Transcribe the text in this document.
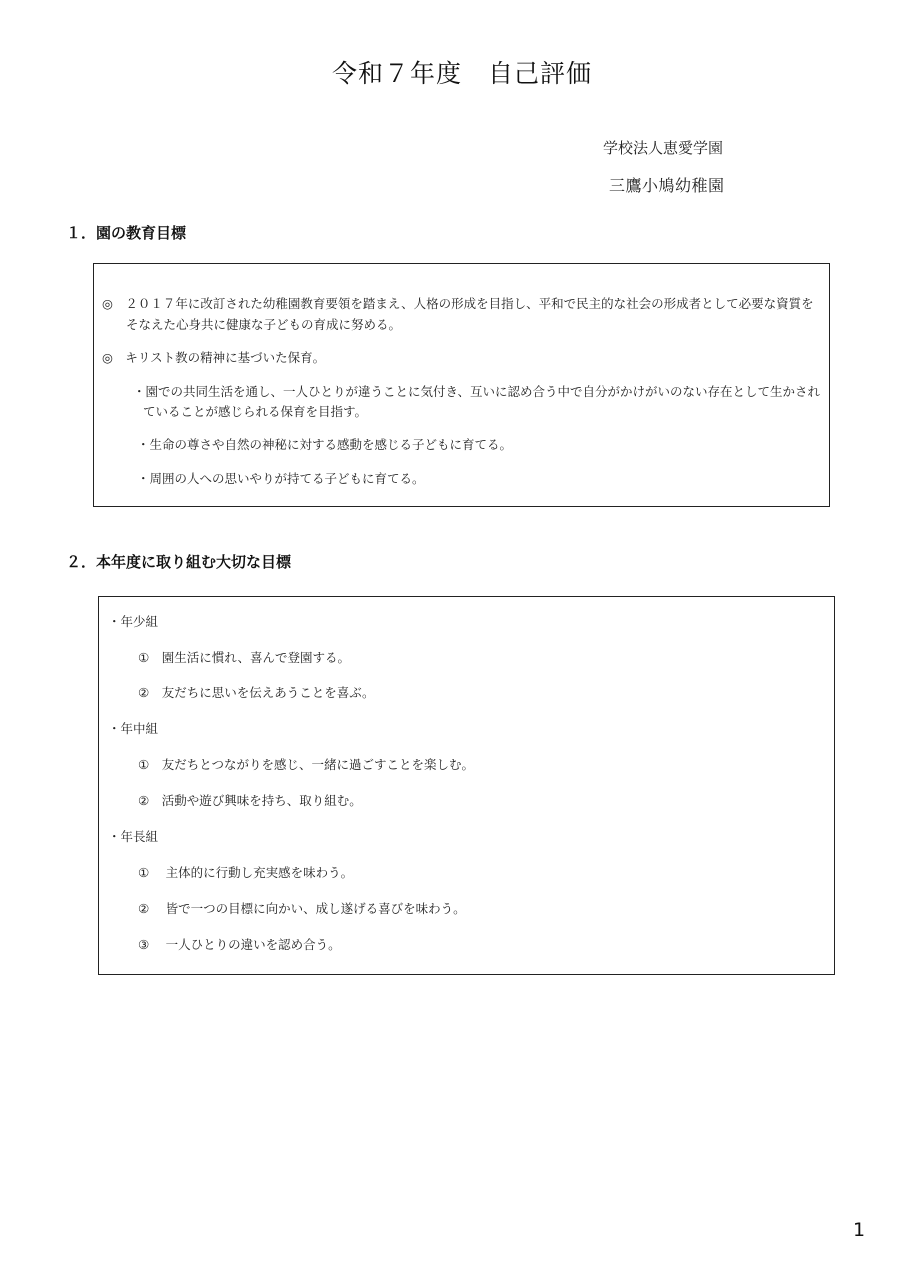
令和７年度　自己評価
学校法人恵愛学園
三鷹小鳩幼稚園
１．園の教育目標
◎　２０１７年に改訂された幼稚園教育要領を踏まえ、人格の形成を目指し、平和で民主的な社会の形成者として必要な資質を
そなえた心身共に健康な子どもの育成に努める。
◎　キリスト教の精神に基づいた保育。
・園での共同生活を通し、一人ひとりが違うことに気付き、互いに認め合う中で自分がかけがいのない存在として生かされ
ていることが感じられる保育を目指す。
・生命の尊さや自然の神秘に対する感動を感じる子どもに育てる。
・周囲の人への思いやりが持てる子どもに育てる。
２．本年度に取り組む大切な目標
・年少組
①　園生活に慣れ、喜んで登園する。
②　友だちに思いを伝えあうことを喜ぶ。
・年中組
①　友だちとつながりを感じ、一緒に過ごすことを楽しむ。
②　活動や遊び興味を持ち、取り組む。
・年長組
①　 主体的に行動し充実感を味わう。
②　 皆で一つの目標に向かい、成し遂げる喜びを味わう。
③　 一人ひとりの違いを認め合う。
1
